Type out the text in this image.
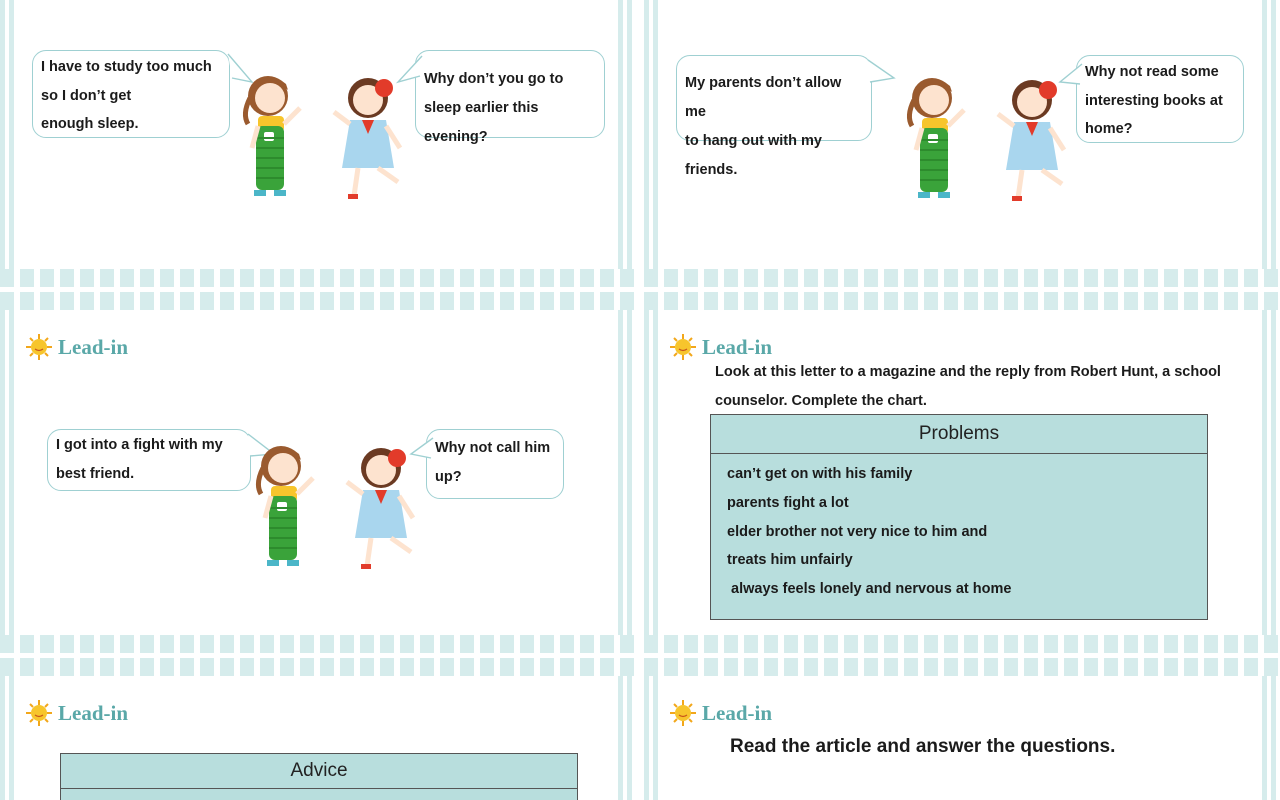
I have to study too much
so I don’t get
enough sleep.
Why don’t you go to
sleep earlier this evening?
My parents don’t allow me
to hang out with my friends.
Why not read some
interesting books at
home?
Lead-in
I got into a fight with my
best friend.
Why not call him
up?
Lead-in
Look at this letter to a magazine and the reply from Robert Hunt, a school
counselor. Complete the chart.
Problems
can’t get on with his family
parents fight a lot
elder brother not very nice to him and
treats him unfairly
always feels lonely and nervous at home
Lead-in
Advice
Lead-in
Read the article and answer the questions.
